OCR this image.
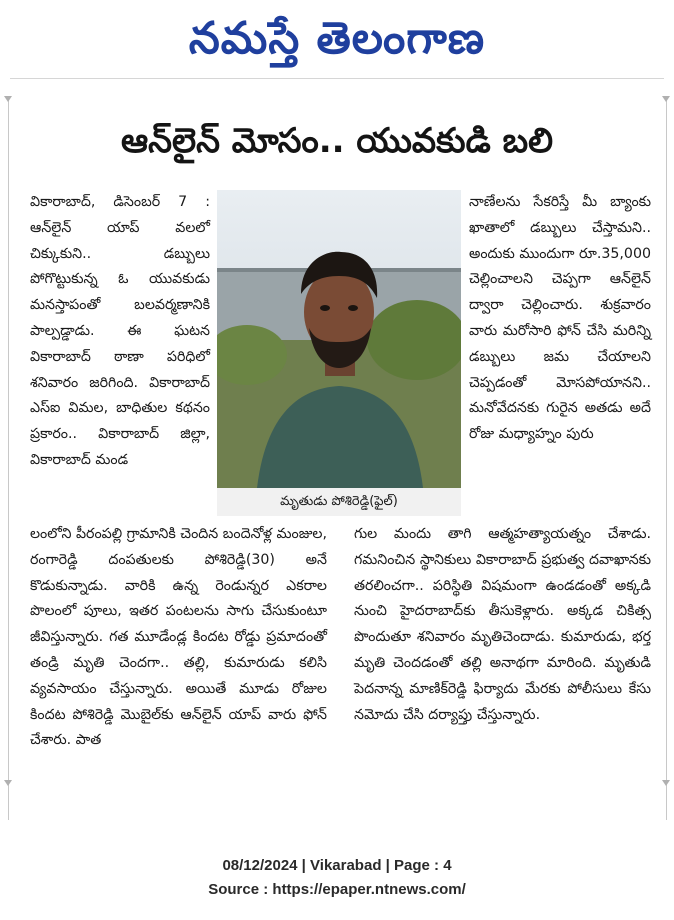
నమస్తే తెలంగాణ
ఆన్‌లైన్ మోసం.. యువకుడి బలి

వికారాబాద్, డిసెంబర్ 7 : ఆన్‌లైన్ యాప్ వలలో చిక్కుకుని.. డబ్బులు పోగొట్టుకున్న ఓ యువకుడు మనస్తాపంతో బలవర్మణానికి పాల్పడ్డాడు. ఈ ఘటన వికారాబాద్ ఠాణా పరిధిలో శనివారం జరిగింది. వికారాబాద్ ఎస్‌ఐ విమల, బాధితుల కథనం ప్రకారం.. వికారాబాద్ జిల్లా, వికారాబాద్ మండ

మృతుడు పోశిరెడ్డి(ఫైల్)

నాణేలను సేకరిస్తే మీ బ్యాంకు ఖాతాలో డబ్బులు చేస్తామని.. అందుకు ముందుగా రూ.35,000 చెల్లించాలని చెప్పగా ఆన్‌లైన్ ద్వారా చెల్లించారు. శుక్రవారం వారు మరోసారి ఫోన్ చేసి మరిన్ని డబ్బులు జమ చేయాలని చెప్పడంతో మోసపోయానని.. మనోవేదనకు గురైన అతడు అదే రోజు మధ్యాహ్నం పురు

లంలోని పీరంపల్లి గ్రామానికి చెందిన బందెనోళ్ల మంజుల, రంగారెడ్డి దంపతులకు పోశిరెడ్డి(30) అనే కొడుకున్నాడు. వారికి ఉన్న రెండున్నర ఎకరాల పొలంలో పూలు, ఇతర పంటలను సాగు చేసుకుంటూ జీవిస్తున్నారు. గత మూడేండ్ల కిందట రోడ్డు ప్రమాదంతో తండ్రి మృతి చెందగా.. తల్లి, కుమారుడు కలిసి వ్యవసాయం చేస్తున్నారు. అయితే మూడు రోజుల కిందట పోశిరెడ్డి మొబైల్‌కు ఆన్‌లైన్ యాప్ వారు ఫోన్ చేశారు. పాత

గుల మందు తాగి ఆత్మహత్యాయత్నం చేశాడు. గమనించిన స్థానికులు వికారాబాద్ ప్రభుత్వ దవాఖానకు తరలించగా.. పరిస్థితి విషమంగా ఉండడంతో అక్కడి నుంచి హైదరాబాద్‌కు తీసుకెళ్లారు. అక్కడ చికిత్స పొందుతూ శనివారం మృతిచెందాడు. కుమారుడు, భర్త మృతి చెందడంతో తల్లి అనాథగా మారింది. మృతుడి పెదనాన్న మాణిక్‌రెడ్డి ఫిర్యాదు మేరకు పోలీసులు కేసు నమోదు చేసి దర్యాప్తు చేస్తున్నారు.

08/12/2024 | Vikarabad | Page : 4
Source : https://epaper.ntnews.com/
